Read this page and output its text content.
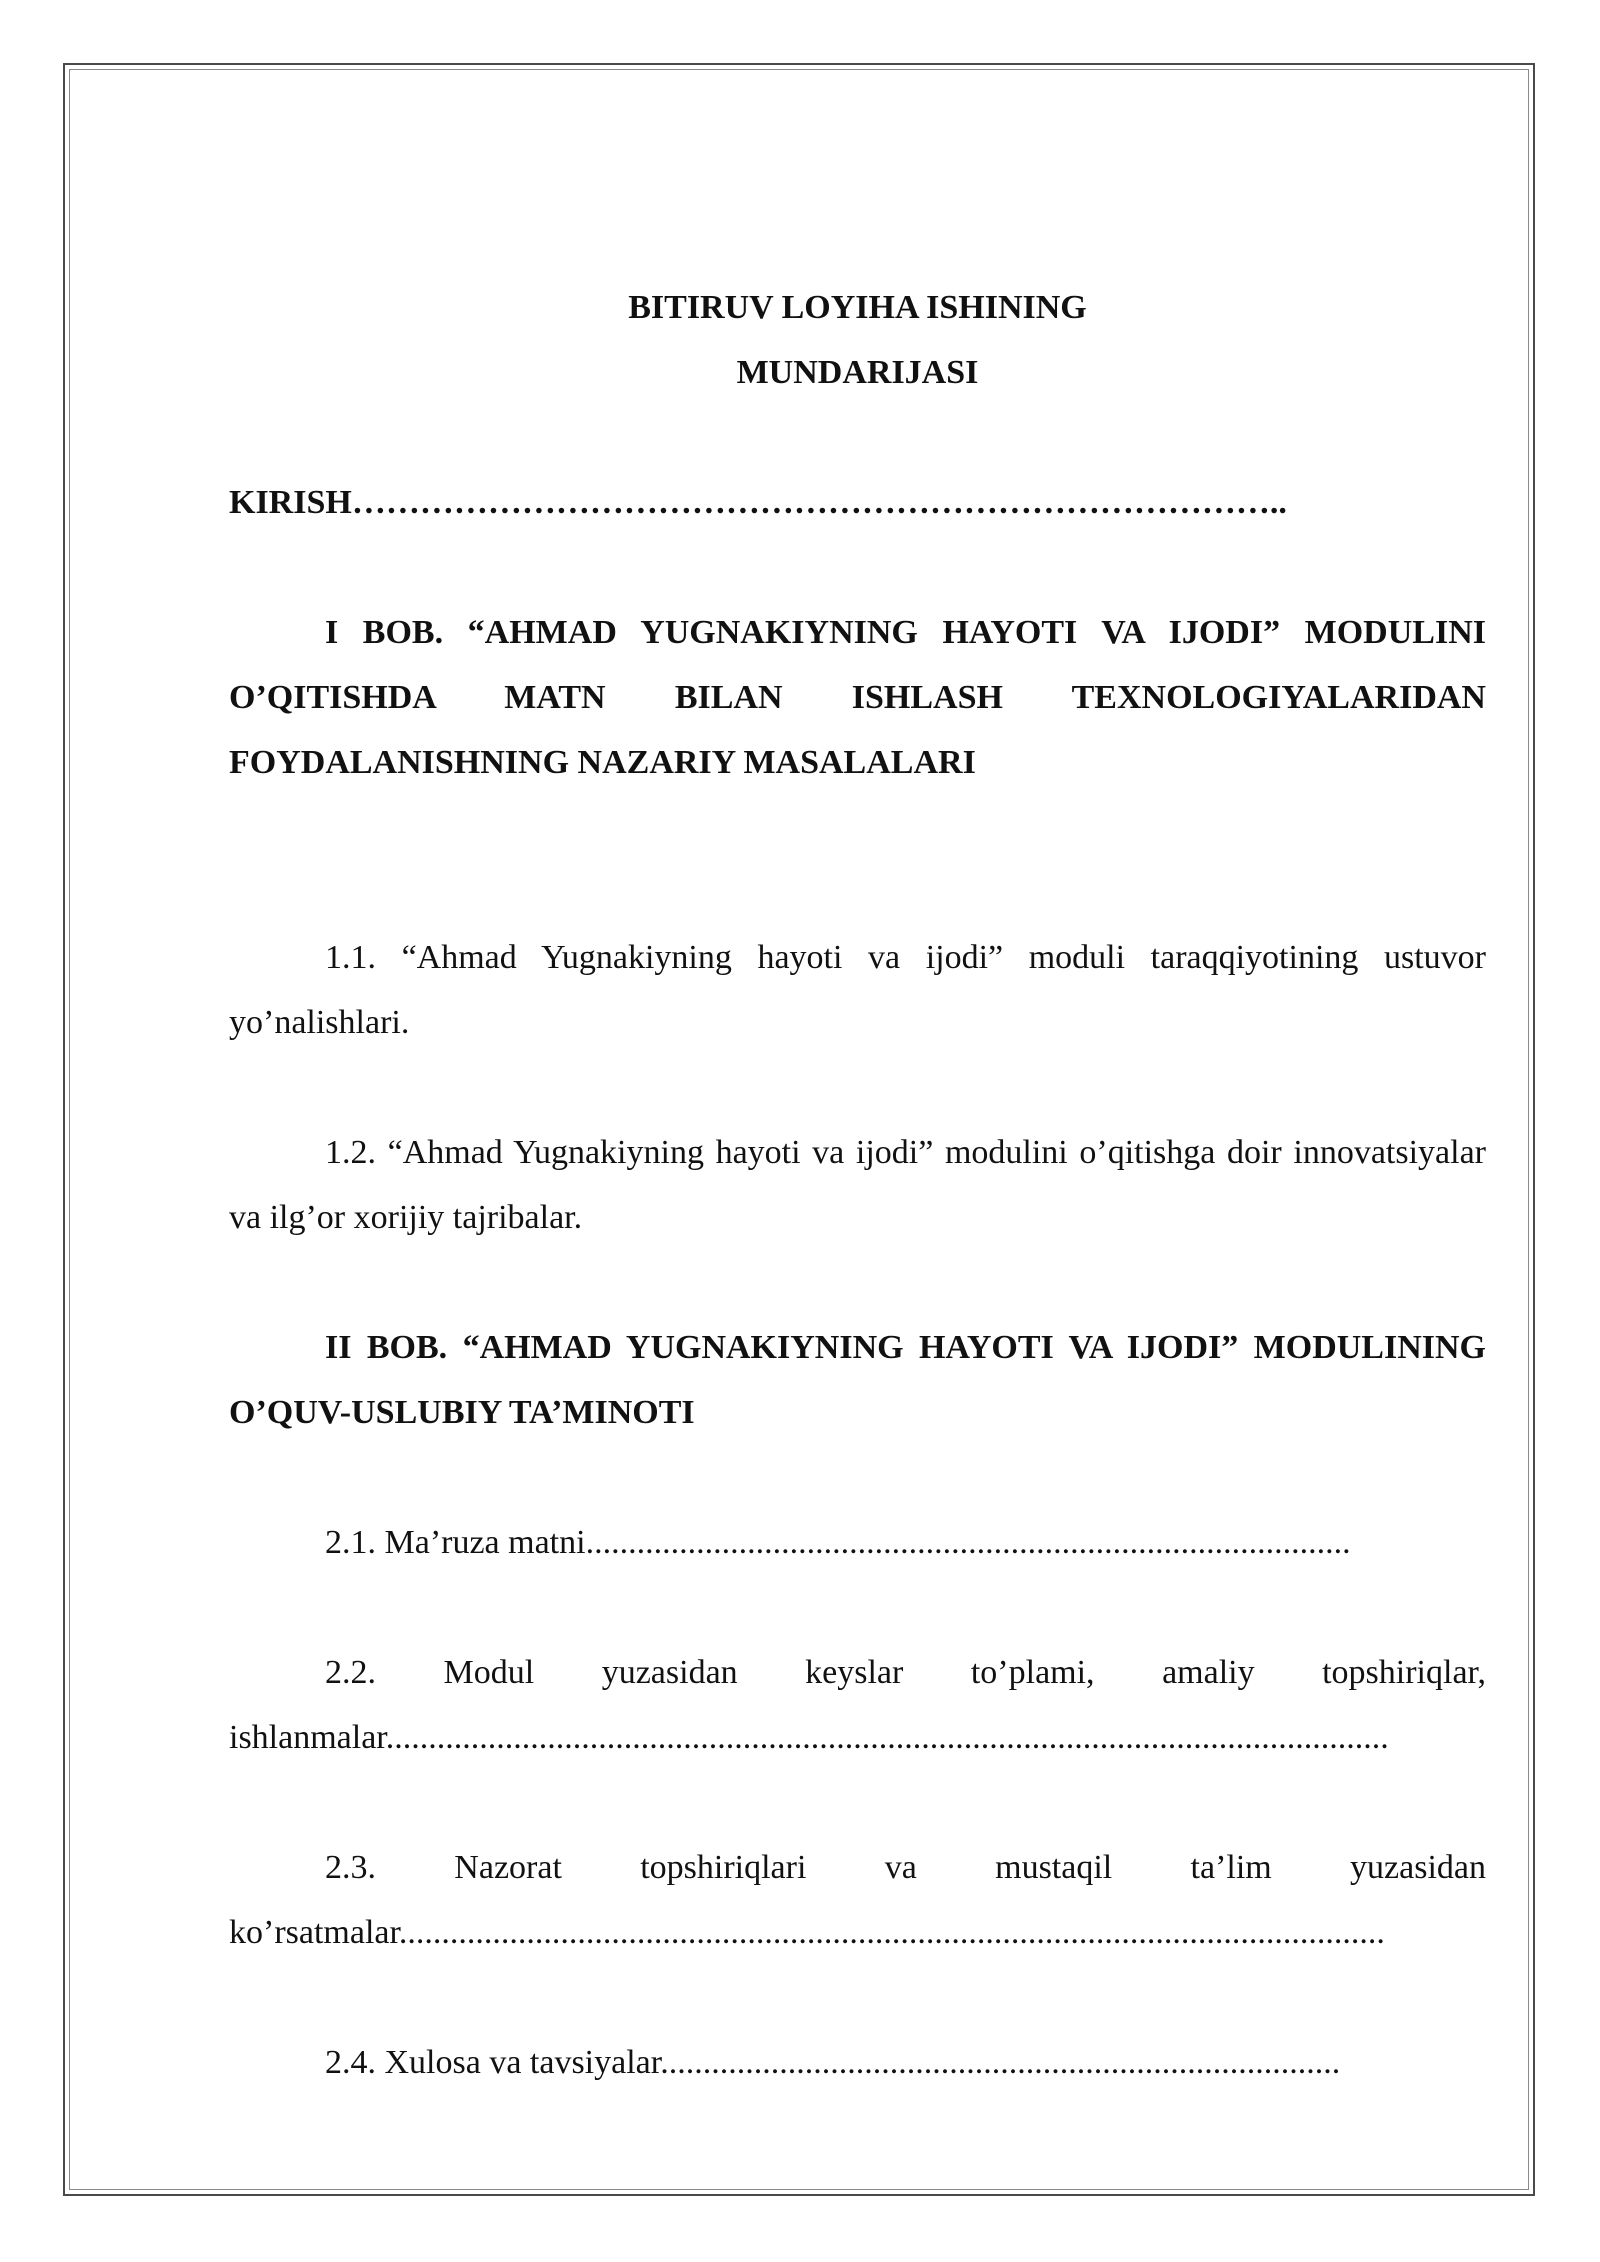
BITIRUV LOYIHA ISHINING
MUNDARIJASI
KIRISH………………………………………………………………………..
I BOB. “AHMAD YUGNAKIYNING HAYOTI VA IJODI” MODULINI O’QITISHDA MATN BILAN ISHLASH TEXNOLOGIYALARIDAN FOYDALANISHNING NAZARIY MASALALARI
1.1. “Ahmad Yugnakiyning hayoti va ijodi” moduli taraqqiyotining ustuvor yo’nalishlari.
1.2. “Ahmad Yugnakiyning hayoti va ijodi” modulini o’qitishga doir innovatsiyalar va ilg’or xorijiy tajribalar.
II BOB. “AHMAD YUGNAKIYNING HAYOTI VA IJODI” MODULINING O’QUV-USLUBIY TA’MINOTI
2.1. Ma’ruza matni..........................................................................................
2.2. Modul yuzasidan keyslar to’plami, amaliy topshiriqlar, ishlanmalar......................................................................................................................
2.3. Nazorat topshiriqlari va mustaqil ta’lim yuzasidan ko’rsatmalar....................................................................................................................
2.4. Xulosa va tavsiyalar................................................................................
